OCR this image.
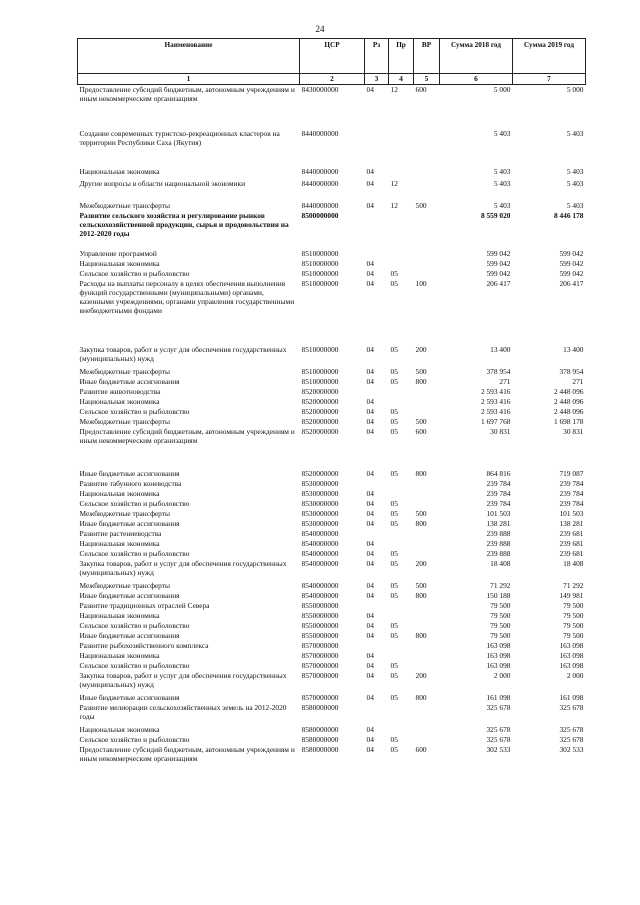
24
Наименование	ЦСР	Рз	Пр	ВР	Сумма 2018 год	Сумма 2019 год
1	2	3	4	5	6	7
Предоставление субсидий бюджетным, автономным учреждениям и иным некоммерческим организациям	8430000000	04	12	600	5 000	5 000
Создание современных туристско-рекреационных кластеров на территории Республики Саха (Якутия)	8440000000				5 403	5 403
Национальная экономика	8440000000	04			5 403	5 403
Другие вопросы в области национальной экономики	8440000000	04	12		5 403	5 403
Межбюджетные трансферты	8440000000	04	12	500	5 403	5 403
Развитие сельского хозяйства и регулирование рынков сельскохозяйственной продукции, сырья и продовольствия на 2012-2020 годы	8500000000				8 559 020	8 446 178
Управление программой	8510000000				599 042	599 042
Национальная экономика	8510000000	04			599 042	599 042
Сельское хозяйство и рыболовство	8510000000	04	05		599 042	599 042
Расходы на выплаты персоналу в целях обеспечения выполнения функций государственными (муниципальными) органами, казенными учреждениями, органами управления государственными внебюджетными фондами	8510000000	04	05	100	206 417	206 417
Закупка товаров, работ и услуг для обеспечения государственных (муниципальных) нужд	8510000000	04	05	200	13 400	13 400
Межбюджетные трансферты	8510000000	04	05	500	378 954	378 954
Иные бюджетные ассигнования	8510000000	04	05	800	271	271
Развитие животноводства	8520000000				2 593 416	2 448 096
Национальная экономика	8520000000	04			2 593 416	2 448 096
Сельское хозяйство и рыболовство	8520000000	04	05		2 593 416	2 448 096
Межбюджетные трансферты	8520000000	04	05	500	1 697 768	1 698 178
Предоставление субсидий бюджетным, автономным учреждениям и иным некоммерческим организациям	8520000000	04	05	600	30 831	30 831
Иные бюджетные ассигнования	8520000000	04	05	800	864 816	719 087
Развитие табунного коневодства	8530000000				239 784	239 784
Национальная экономика	8530000000	04			239 784	239 784
Сельское хозяйство и рыболовство	8530000000	04	05		239 784	239 784
Межбюджетные трансферты	8530000000	04	05	500	101 503	101 503
Иные бюджетные ассигнования	8530000000	04	05	800	138 281	138 281
Развитие растениеводства	8540000000				239 888	239 681
Национальная экономика	8540000000	04			239 888	239 681
Сельское хозяйство и рыболовство	8540000000	04	05		239 888	239 681
Закупка товаров, работ и услуг для обеспечения государственных (муниципальных) нужд	8540000000	04	05	200	18 408	18 408
Межбюджетные трансферты	8540000000	04	05	500	71 292	71 292
Иные бюджетные ассигнования	8540000000	04	05	800	150 188	149 981
Развитие традиционных отраслей Севера	8550000000				79 500	79 500
Национальная экономика	8550000000	04			79 500	79 500
Сельское хозяйство и рыболовство	8550000000	04	05		79 500	79 500
Иные бюджетные ассигнования	8550000000	04	05	800	79 500	79 500
Развитие рыбохозяйственного комплекса	8570000000				163 098	163 098
Национальная экономика	8570000000	04			163 098	163 098
Сельское хозяйство и рыболовство	8570000000	04	05		163 098	163 098
Закупка товаров, работ и услуг для обеспечения государственных (муниципальных) нужд	8570000000	04	05	200	2 000	2 000
Иные бюджетные ассигнования	8570000000	04	05	800	161 098	161 098
Развитие мелиорации сельскохозяйственных земель на 2012-2020 годы	8580000000				325 678	325 678
Национальная экономика	8580000000	04			325 678	325 678
Сельское хозяйство и рыболовство	8580000000	04	05		325 678	325 678
Предоставление субсидий бюджетным, автономным учреждениям и иным некоммерческим организациям	8580000000	04	05	600	302 533	302 533
